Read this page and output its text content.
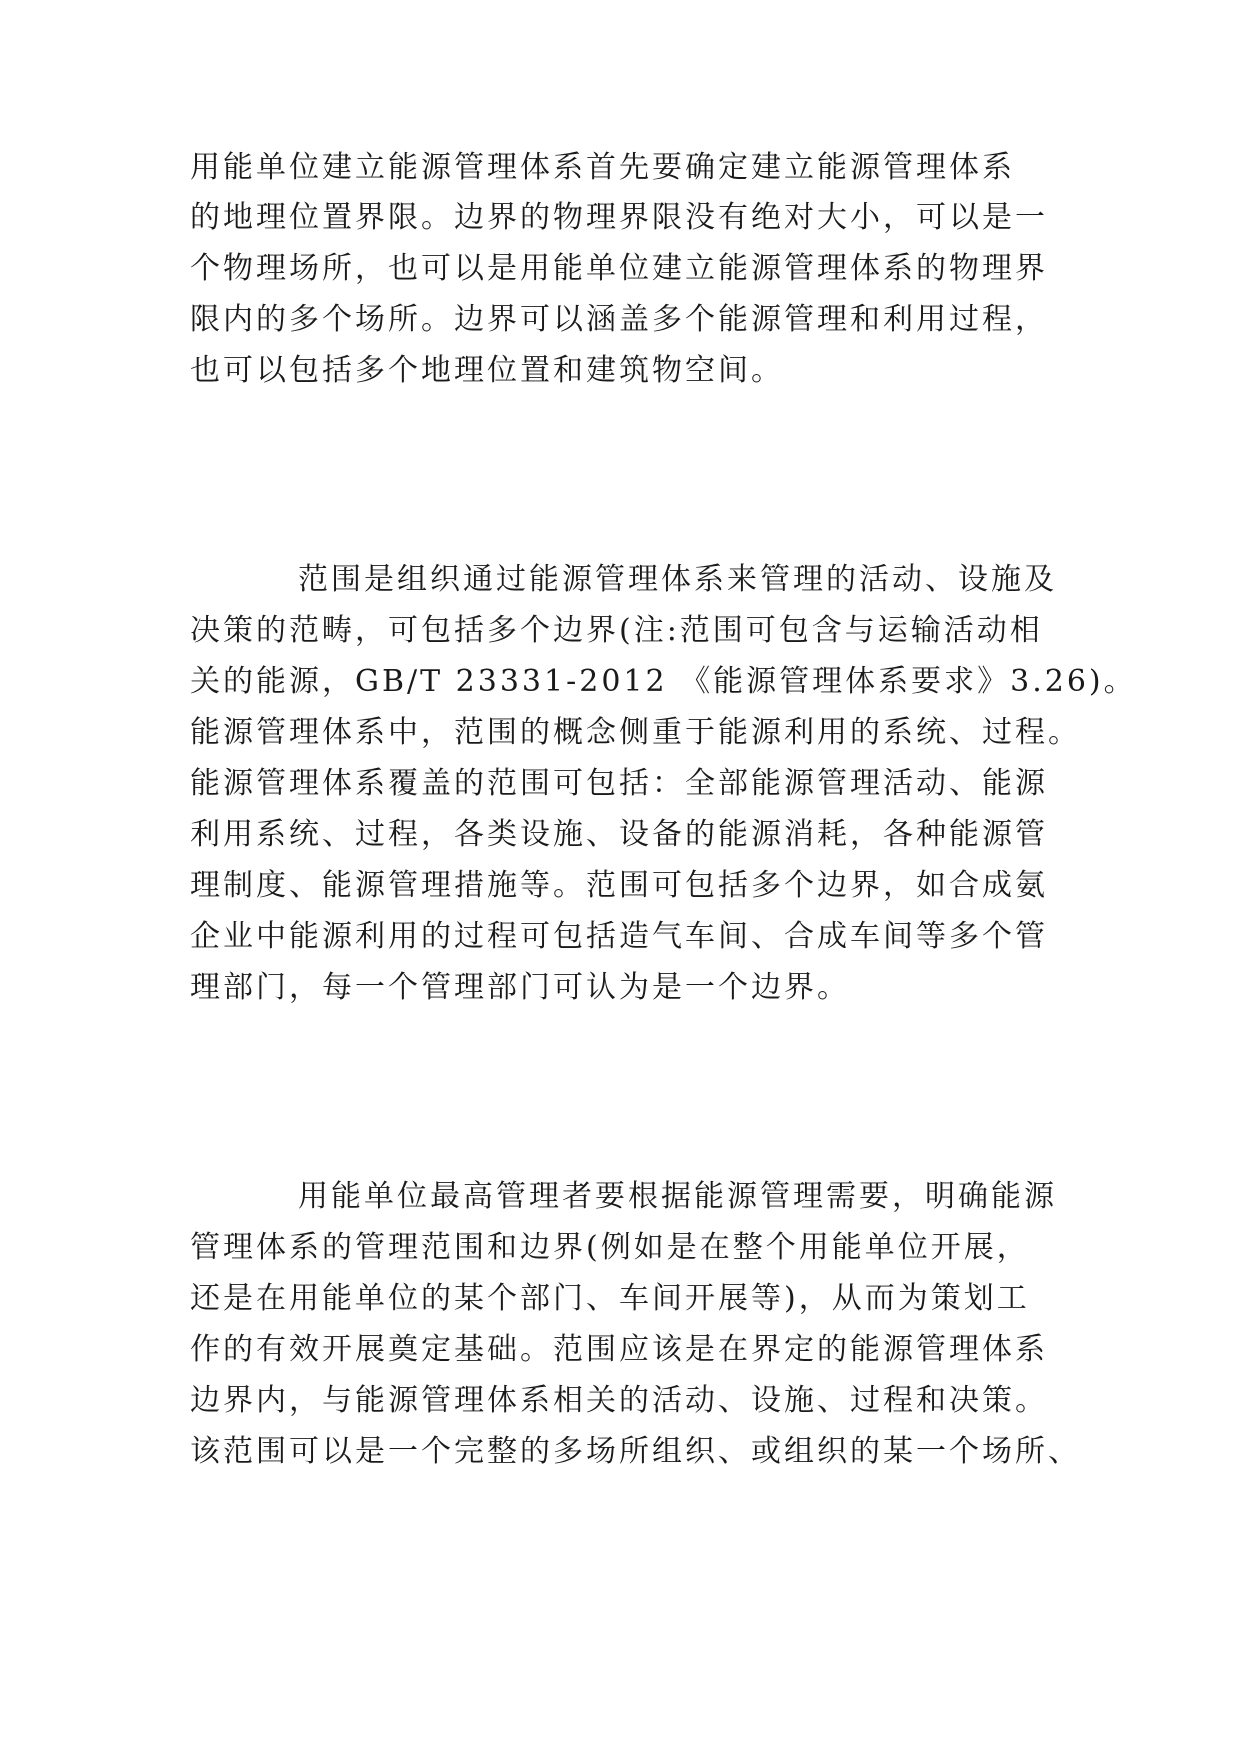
用能单位建立能源管理体系首先要确定建立能源管理体系
的地理位置界限。边界的物理界限没有绝对大小，可以是一
个物理场所，也可以是用能单位建立能源管理体系的物理界
限内的多个场所。边界可以涵盖多个能源管理和利用过程，
也可以包括多个地理位置和建筑物空间。
范围是组织通过能源管理体系来管理的活动、设施及
决策的范畴，可包括多个边界(注:范围可包含与运输活动相
关的能源，GB/T 23331-2012 《能源管理体系要求》3.26)。
能源管理体系中，范围的概念侧重于能源利用的系统、过程。
能源管理体系覆盖的范围可包括：全部能源管理活动、能源
利用系统、过程，各类设施、设备的能源消耗，各种能源管
理制度、能源管理措施等。范围可包括多个边界，如合成氨
企业中能源利用的过程可包括造气车间、合成车间等多个管
理部门，每一个管理部门可认为是一个边界。
用能单位最高管理者要根据能源管理需要，明确能源
管理体系的管理范围和边界(例如是在整个用能单位开展，
还是在用能单位的某个部门、车间开展等)，从而为策划工
作的有效开展奠定基础。范围应该是在界定的能源管理体系
边界内，与能源管理体系相关的活动、设施、过程和决策。
该范围可以是一个完整的多场所组织、或组织的某一个场所、
